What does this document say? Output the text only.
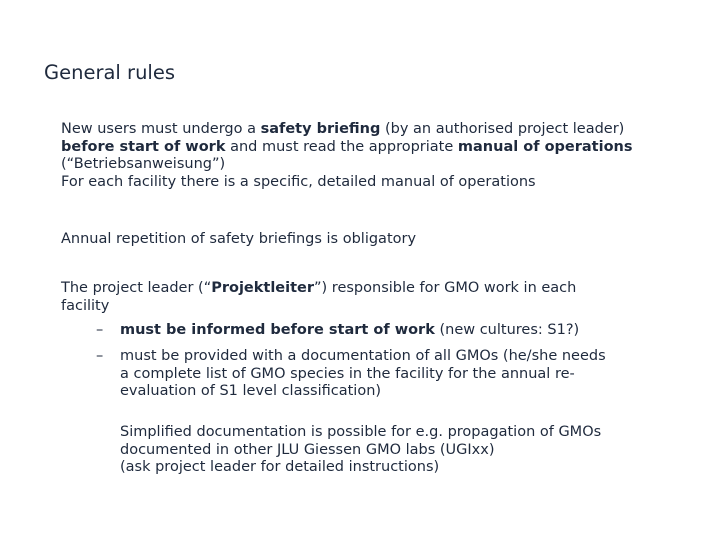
General rules
New users must undergo a safety briefing (by an authorised project leader)
before start of work and must read the appropriate manual of operations
(“Betriebsanweisung”)
For each facility there is a specific, detailed manual of operations
Annual repetition of safety briefings is obligatory
The project leader (“Projektleiter”) responsible for GMO work in each
facility
– must be informed before start of work (new cultures: S1?)
– must be provided with a documentation of all GMOs (he/she needs
a complete list of GMO species in the facility for the annual re-
evaluation of S1 level classification)
Simplified documentation is possible for e.g. propagation of GMOs
documented in other JLU Giessen GMO labs (UGIxx)
(ask project leader for detailed instructions)
